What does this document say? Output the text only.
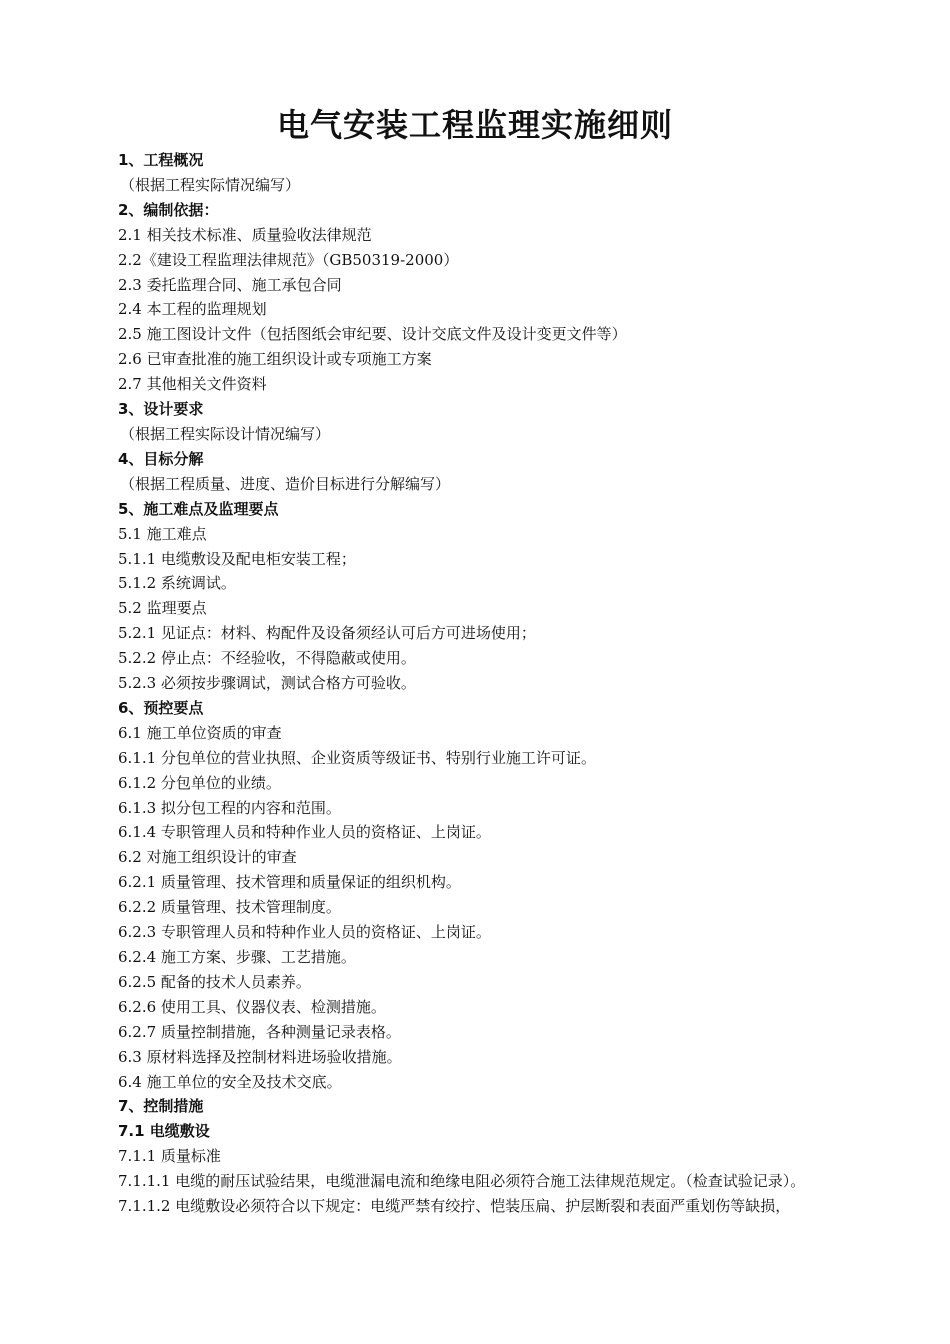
电气安装工程监理实施细则
1、工程概况
（根据工程实际情况编写）
2、编制依据：
2.1 相关技术标准、质量验收法律规范
2.2《建设工程监理法律规范》（GB50319-2000）
2.3 委托监理合同、施工承包合同
2.4 本工程的监理规划
2.5 施工图设计文件（包括图纸会审纪要、设计交底文件及设计变更文件等）
2.6 已审查批准的施工组织设计或专项施工方案
2.7 其他相关文件资料
3、设计要求
（根据工程实际设计情况编写）
4、目标分解
（根据工程质量、进度、造价目标进行分解编写）
5、施工难点及监理要点
5.1 施工难点
5.1.1 电缆敷设及配电柜安装工程；
5.1.2 系统调试。
5.2 监理要点
5.2.1 见证点：材料、构配件及设备须经认可后方可进场使用；
5.2.2 停止点：不经验收，不得隐蔽或使用。
5.2.3 必须按步骤调试，测试合格方可验收。
6、预控要点
6.1 施工单位资质的审查
6.1.1 分包单位的营业执照、企业资质等级证书、特别行业施工许可证。
6.1.2 分包单位的业绩。
6.1.3 拟分包工程的内容和范围。
6.1.4 专职管理人员和特种作业人员的资格证、上岗证。
6.2 对施工组织设计的审查
6.2.1 质量管理、技术管理和质量保证的组织机构。
6.2.2 质量管理、技术管理制度。
6.2.3 专职管理人员和特种作业人员的资格证、上岗证。
6.2.4 施工方案、步骤、工艺措施。
6.2.5 配备的技术人员素养。
6.2.6 使用工具、仪器仪表、检测措施。
6.2.7 质量控制措施，各种测量记录表格。
6.3 原材料选择及控制材料进场验收措施。
6.4 施工单位的安全及技术交底。
7、控制措施
7.1 电缆敷设
7.1.1 质量标准
7.1.1.1 电缆的耐压试验结果，电缆泄漏电流和绝缘电阻必须符合施工法律规范规定。（检查试验记录）。
7.1.1.2 电缆敷设必须符合以下规定：电缆严禁有绞拧、恺装压扁、护层断裂和表面严重划伤等缺损，
